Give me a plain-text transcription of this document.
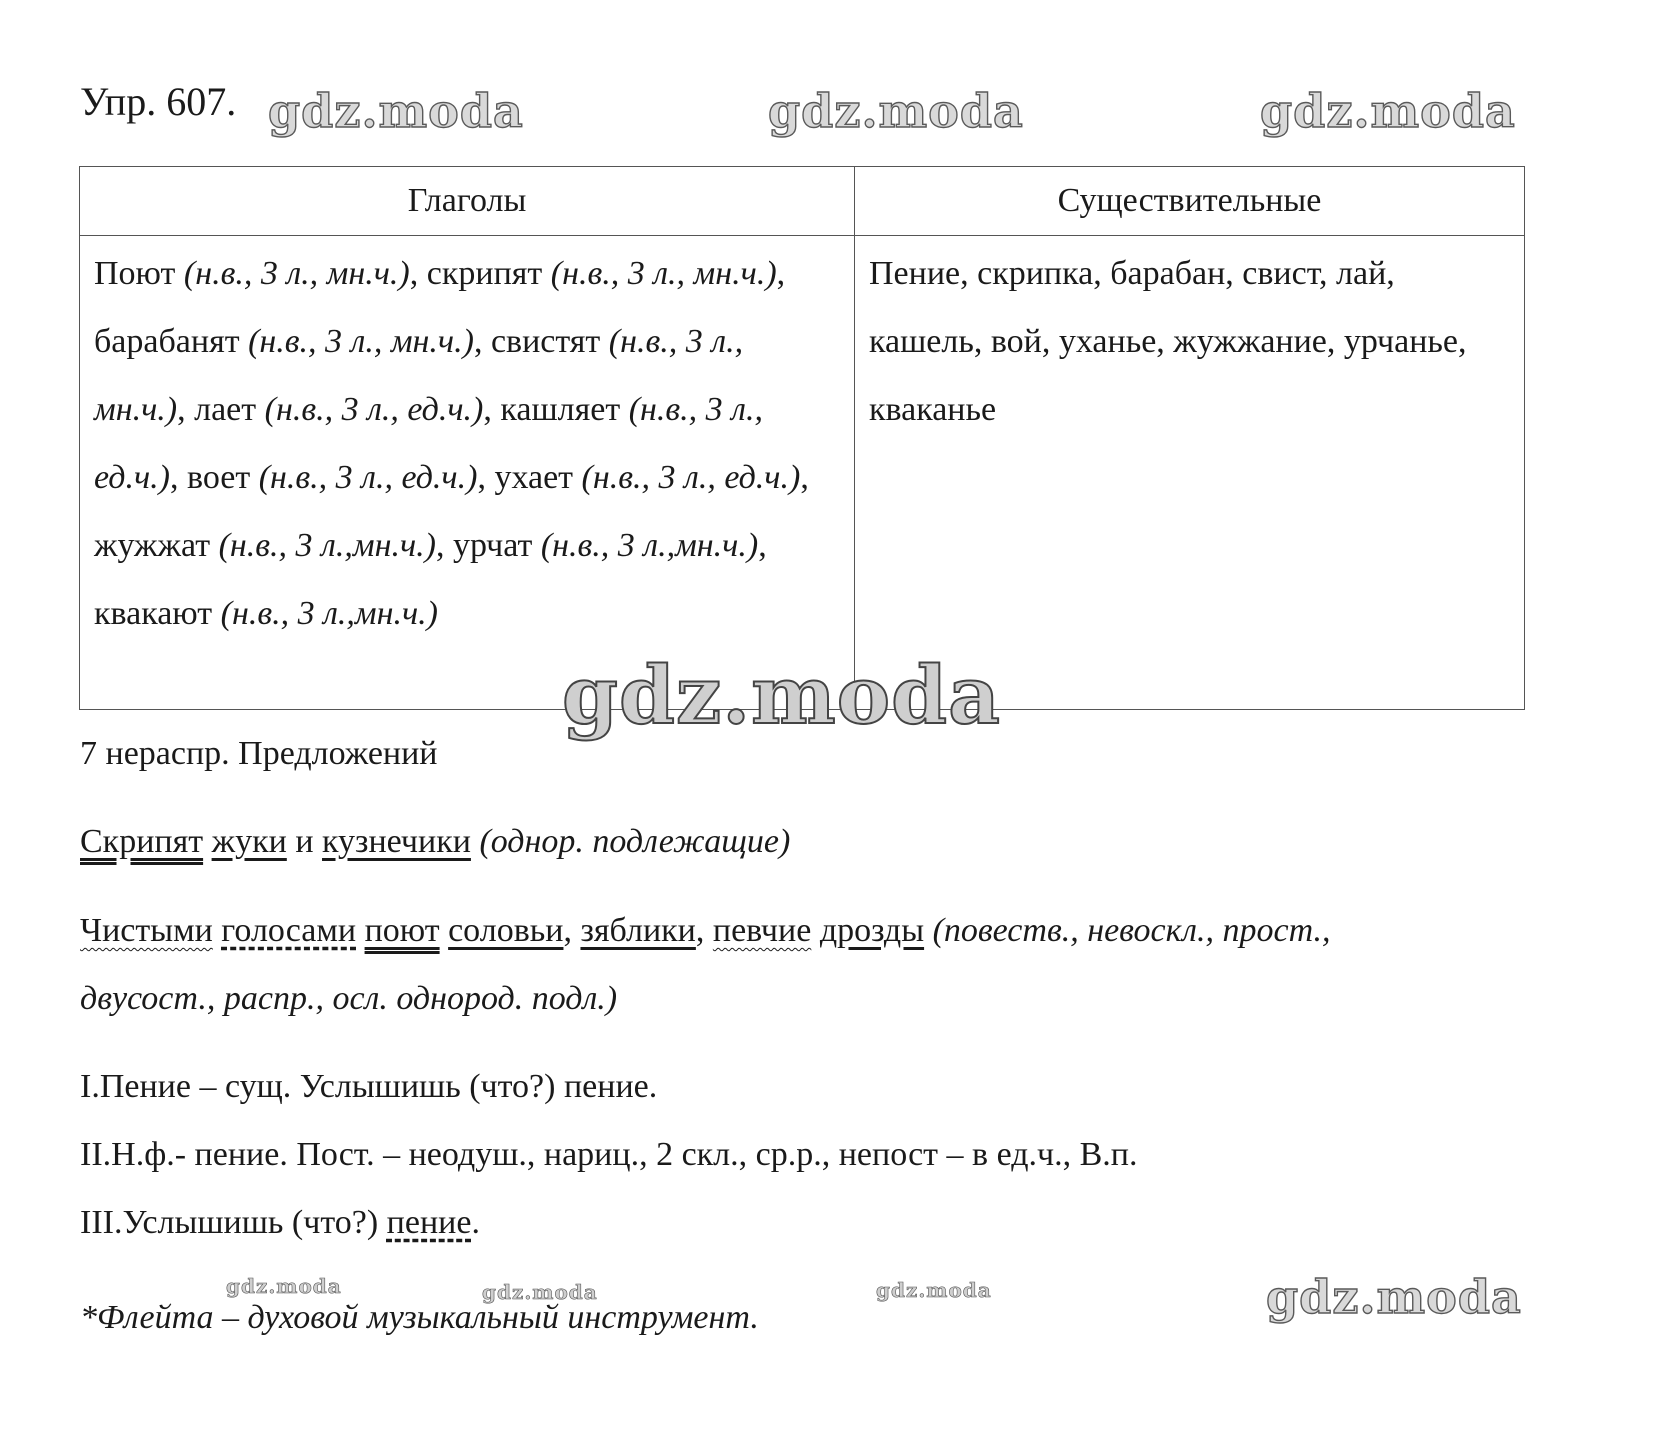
Упр. 607. gdz.moda	gdz.moda	gdz.moda
Глаголы	Существительные
Поют (н.в., 3 л., мн.ч.), скрипят (н.в., 3 л., мн.ч.), барабанят (н.в., 3 л., мн.ч.), свистят (н.в., 3 л., мн.ч.), лает (н.в., 3 л., ед.ч.), кашляет (н.в., 3 л., ед.ч.), воет (н.в., 3 л., ед.ч.), ухает (н.в., 3 л., ед.ч.), жужжат (н.в., 3 л.,мн.ч.), урчат (н.в., 3 л.,мн.ч.), квакают (н.в., 3 л.,мн.ч.)	Пение, скрипка, барабан, свист, лай, кашель, вой, уханье, жужжание, урчанье, кваканье
7 нераспр. Предложений
gdz.moda
Скрипят жуки и кузнечики (однор. подлежащие)
Чистыми голосами поют соловьи, зяблики, певчие дрозды (повеств., невоскл., прост.,
двусост., распр., осл. однород. подл.)
I.Пение – сущ. Услышишь (что?) пение.
II.Н.ф.- пение. Пост. – неодуш., нариц., 2 скл., ср.р., непост – в ед.ч., В.п.
III.Услышишь (что?) пение.
gdz.moda	gdz.moda	gdz.moda	gdz.moda
*Флейта – духовой музыкальный инструмент.
